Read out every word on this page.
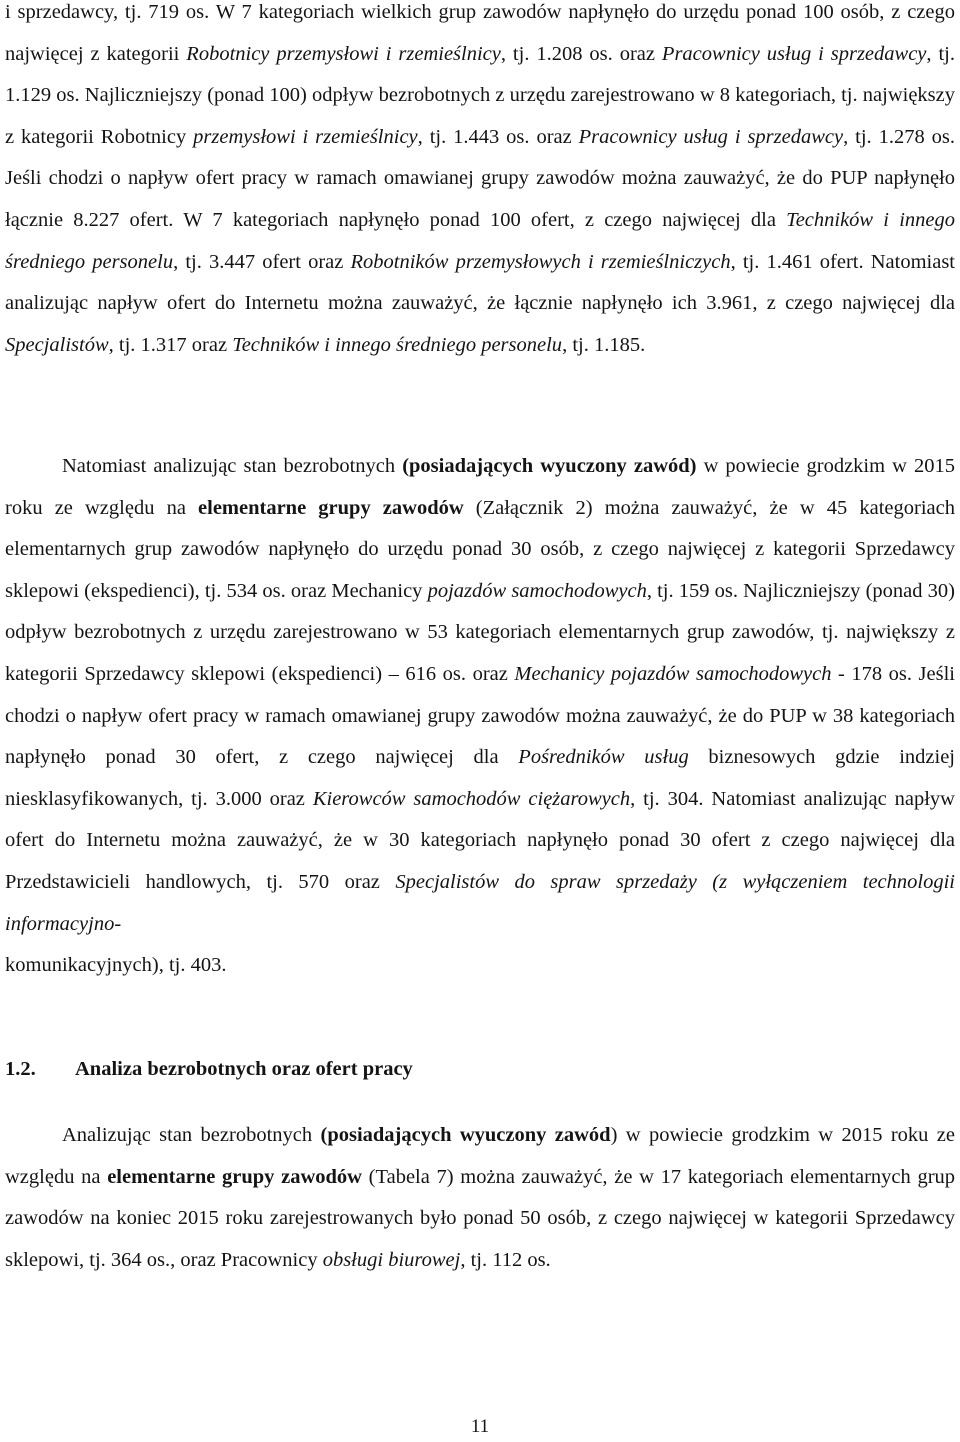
i sprzedawcy, tj. 719 os. W 7 kategoriach wielkich grup zawodów napłynęło do urzędu ponad 100 osób, z czego najwięcej z kategorii Robotnicy przemysłowi i rzemieślnicy, tj. 1.208 os. oraz Pracownicy usług i sprzedawcy, tj. 1.129 os. Najliczniejszy (ponad 100) odpływ bezrobotnych z urzędu zarejestrowano w 8 kategoriach, tj. największy z kategorii Robotnicy przemysłowi i rzemieślnicy, tj. 1.443 os. oraz Pracownicy usług i sprzedawcy, tj. 1.278 os. Jeśli chodzi o napływ ofert pracy w ramach omawianej grupy zawodów można zauważyć, że do PUP napłynęło łącznie 8.227 ofert. W 7 kategoriach napłynęło ponad 100 ofert, z czego najwięcej dla Techników i innego średniego personelu, tj. 3.447 ofert oraz Robotników przemysłowych i rzemieślniczych, tj. 1.461 ofert. Natomiast analizując napływ ofert do Internetu można zauważyć, że łącznie napłynęło ich 3.961, z czego najwięcej dla Specjalistów, tj. 1.317 oraz Techników i innego średniego personelu, tj. 1.185.

Natomiast analizując stan bezrobotnych (posiadających wyuczony zawód) w powiecie grodzkim w 2015 roku ze względu na elementarne grupy zawodów (Załącznik 2) można zauważyć, że w 45 kategoriach elementarnych grup zawodów napłynęło do urzędu ponad 30 osób, z czego najwięcej z kategorii Sprzedawcy sklepowi (ekspedienci), tj. 534 os. oraz Mechanicy pojazdów samochodowych, tj. 159 os. Najliczniejszy (ponad 30) odpływ bezrobotnych z urzędu zarejestrowano w 53 kategoriach elementarnych grup zawodów, tj. największy z kategorii Sprzedawcy sklepowi (ekspedienci) – 616 os. oraz Mechanicy pojazdów samochodowych - 178 os. Jeśli chodzi o napływ ofert pracy w ramach omawianej grupy zawodów można zauważyć, że do PUP w 38 kategoriach napłynęło ponad 30 ofert, z czego najwięcej dla Pośredników usług biznesowych gdzie indziej niesklasyfikowanych, tj. 3.000 oraz Kierowców samochodów ciężarowych, tj. 304. Natomiast analizując napływ ofert do Internetu można zauważyć, że w 30 kategoriach napłynęło ponad 30 ofert z czego najwięcej dla Przedstawicieli handlowych, tj. 570 oraz Specjalistów do spraw sprzedaży (z wyłączeniem technologii informacyjno-
komunikacyjnych), tj. 403.

1.2. Analiza bezrobotnych oraz ofert pracy

Analizując stan bezrobotnych (posiadających wyuczony zawód) w powiecie grodzkim w 2015 roku ze względu na elementarne grupy zawodów (Tabela 7) można zauważyć, że w 17 kategoriach elementarnych grup zawodów na koniec 2015 roku zarejestrowanych było ponad 50 osób, z czego najwięcej w kategorii Sprzedawcy sklepowi, tj. 364 os., oraz Pracownicy obsługi biurowej, tj. 112 os.

11
